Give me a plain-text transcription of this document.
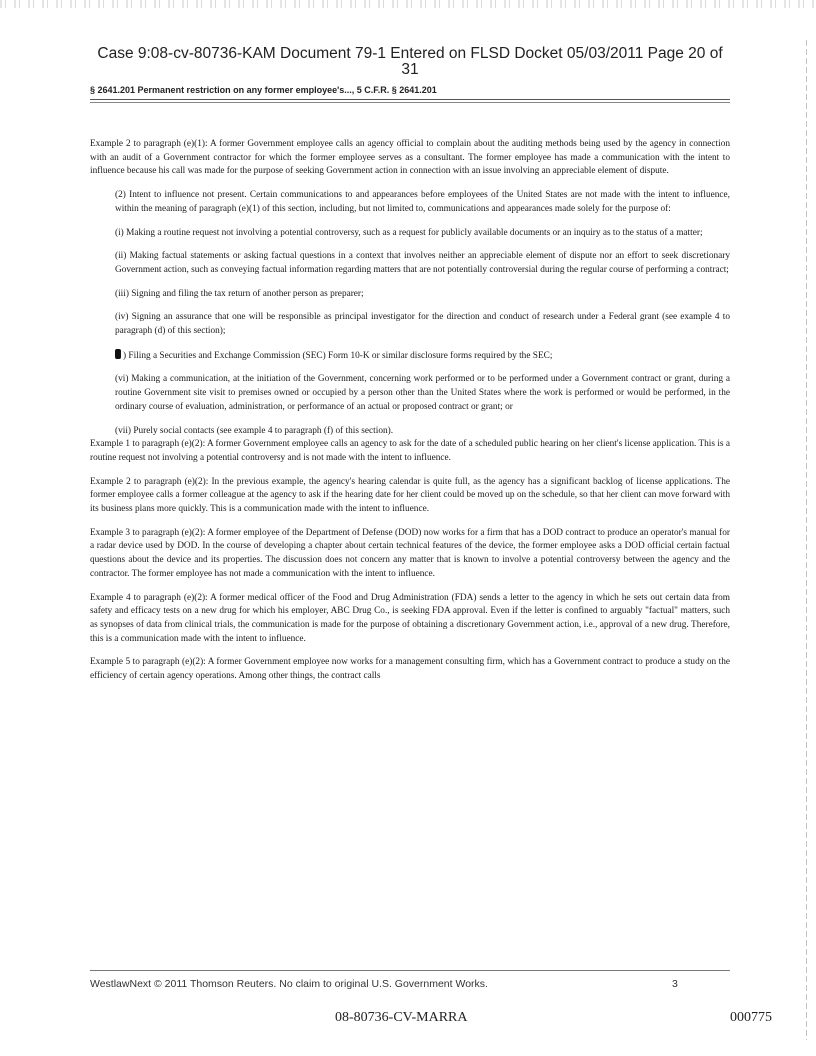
Case 9:08-cv-80736-KAM Document 79-1 Entered on FLSD Docket 05/03/2011 Page 20 of
31
§ 2641.201 Permanent restriction on any former employee's..., 5 C.F.R. § 2641.201

Example 2 to paragraph (e)(1): A former Government employee calls an agency official to complain about the auditing methods being used by the agency in connection with an audit of a Government contractor for which the former employee serves as a consultant. The former employee has made a communication with the intent to influence because his call was made for the purpose of seeking Government action in connection with an issue involving an appreciable element of dispute.

(2) Intent to influence not present. Certain communications to and appearances before employees of the United States are not made with the intent to influence, within the meaning of paragraph (e)(1) of this section, including, but not limited to, communications and appearances made solely for the purpose of:

(i) Making a routine request not involving a potential controversy, such as a request for publicly available documents or an inquiry as to the status of a matter;

(ii) Making factual statements or asking factual questions in a context that involves neither an appreciable element of dispute nor an effort to seek discretionary Government action, such as conveying factual information regarding matters that are not potentially controversial during the regular course of performing a contract;

(iii) Signing and filing the tax return of another person as preparer;

(iv) Signing an assurance that one will be responsible as principal investigator for the direction and conduct of research under a Federal grant (see example 4 to paragraph (d) of this section);

) Filing a Securities and Exchange Commission (SEC) Form 10-K or similar disclosure forms required by the SEC;

(vi) Making a communication, at the initiation of the Government, concerning work performed or to be performed under a Government contract or grant, during a routine Government site visit to premises owned or occupied by a person other than the United States where the work is performed or would be performed, in the ordinary course of evaluation, administration, or performance of an actual or proposed contract or grant; or

(vii) Purely social contacts (see example 4 to paragraph (f) of this section).

Example 1 to paragraph (e)(2): A former Government employee calls an agency to ask for the date of a scheduled public hearing on her client's license application. This is a routine request not involving a potential controversy and is not made with the intent to influence.

Example 2 to paragraph (e)(2): In the previous example, the agency's hearing calendar is quite full, as the agency has a significant backlog of license applications. The former employee calls a former colleague at the agency to ask if the hearing date for her client could be moved up on the schedule, so that her client can move forward with its business plans more quickly. This is a communication made with the intent to influence.

Example 3 to paragraph (e)(2): A former employee of the Department of Defense (DOD) now works for a firm that has a DOD contract to produce an operator's manual for a radar device used by DOD. In the course of developing a chapter about certain technical features of the device, the former employee asks a DOD official certain factual questions about the device and its properties. The discussion does not concern any matter that is known to involve a potential controversy between the agency and the contractor. The former employee has not made a communication with the intent to influence.

Example 4 to paragraph (e)(2): A former medical officer of the Food and Drug Administration (FDA) sends a letter to the agency in which he sets out certain data from safety and efficacy tests on a new drug for which his employer, ABC Drug Co., is seeking FDA approval. Even if the letter is confined to arguably "factual" matters, such as synopses of data from clinical trials, the communication is made for the purpose of obtaining a discretionary Government action, i.e., approval of a new drug. Therefore, this is a communication made with the intent to influence.

Example 5 to paragraph (e)(2): A former Government employee now works for a management consulting firm, which has a Government contract to produce a study on the efficiency of certain agency operations. Among other things, the contract calls

WestlawNext © 2011 Thomson Reuters. No claim to original U.S. Government Works.	3
08-80736-CV-MARRA	000775
